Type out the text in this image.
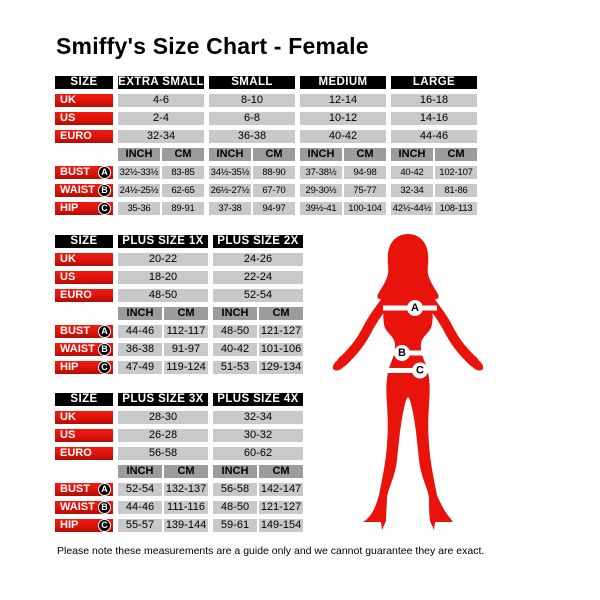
Smiffy's Size Chart - Female
SIZE	EXTRA SMALL	SMALL	MEDIUM	LARGE
UK	4-6	8-10	12-14	16-18
US	2-4	6-8	10-12	14-16
EURO	32-34	36-38	40-42	44-46
INCH	CM	INCH	CM	INCH	CM	INCH	CM
BUST	A	32½-33½	83-85	34½-35½	88-90	37-38½	94-98	40-42	102-107
WAIST B	24½-25½	62-65	26½-27½	67-70	29-30½	75-77	32-34	81-86
HIP	C	35-36	89-91	37-38	94-97	39½-41	100-104	42½-44½ 108-113
SIZE	PLUS SIZE 1X	PLUS SIZE 2X
UK	20-22	24-26
US	18-20	22-24
EURO	48-50	52-54
INCH	CM	INCH	CM
BUST	A	44-46	112-117	48-50	121-127
WAIST B	36-38	91-97	40-42	101-106
HIP	C	47-49	119-124	51-53	129-134
SIZE	PLUS SIZE 3X	PLUS SIZE 4X
UK	28-30	32-34
US	26-28	30-32
EURO	56-58	60-62
INCH	CM	INCH	CM
BUST	A	52-54	132-137	56-58	142-147
WAIST B	44-46	111-116	48-50	121-127
HIP	C	55-57	139-144	59-61	149-154
A
B
C
Please note these measurements are a guide only and we cannot guarantee they are exact.
